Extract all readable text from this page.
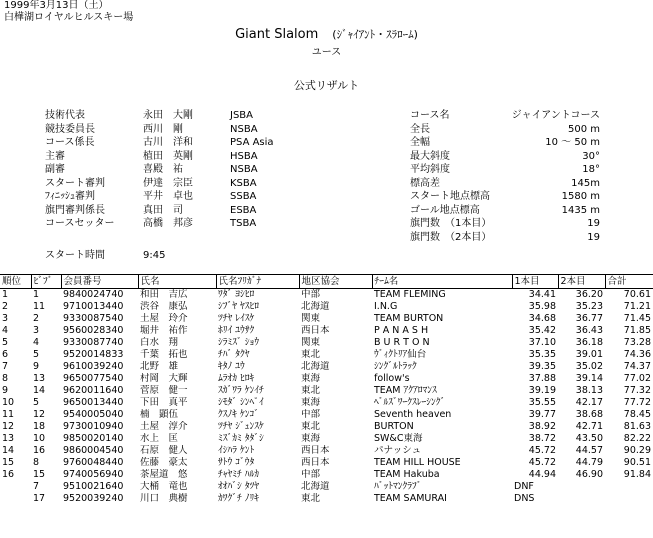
1999年3月13日（土）
白樺湖ロイヤルヒルスキー場
Giant Slalom (ｼﾞｬｲｱﾝﾄ・ｽﾗﾛｰﾑ)
ユース
公式リザルト
技術代表	永田　大剛	JSBA
競技委員長	西川　剛	NSBA
コース係長	古川　洋和	PSA Asia
主審	植田　英剛	HSBA
副審	喜殿　祐	NSBA
スタート審判	伊達　宗臣	KSBA
ﾌｨﾆｯｼｭ審判	平井　卓也	SSBA
旗門審判係長	真田　司	ESBA
コースセッター	高橋　邦彦	TSBA
コース名	ジャイアントコース
全長	500 m
全幅	10 ～ 50 m
最大斜度	30°
平均斜度	18°
標高差	145m
スタート地点標高	1580 m
ゴール地点標高	1435 m
旗門数　（1本目）	19
旗門数　（2本目）	19
スタート時間	9:45
順位	ﾋﾞﾌﾞ	会員番号	氏名	氏名ﾌﾘｶﾞﾅ	地区協会	ﾁｰﾑ名	1本目	2本目	合計
1	1	9840024740	和田　吉広	ﾜﾀﾞ ﾖｼﾋﾛ	中部	TEAM FLEMING	34.41	36.20	70.61
2	11	9710013440	渋谷　康弘	ｼﾌﾞﾔ ﾔｽﾋﾛ	北海道	I.N.G	35.98	35.23	71.21
3	2	9330087540	土屋　玲介	ﾂﾁﾔ ﾚｲｽｹ	関東	TEAM BURTON	34.68	36.77	71.45
4	3	9560028340	堀井　祐作	ﾎﾘｲ ﾕｳｻｸ	西日本	P A N A S H	35.42	36.43	71.85
5	4	9330087740	白水　翔	ｼﾗﾐｽﾞ ｼｮｳ	関東	B U R T O N	37.10	36.18	73.28
6	5	9520014833	千葉　拓也	ﾁﾊﾞ ﾀｸﾔ	東北	ｳﾞｨｸﾄﾘｱ仙台	35.35	39.01	74.36
7	9	9610039240	北野　雄	ｷﾀﾉ ﾕｳ	北海道	ｼﾝｸﾞﾙﾄﾗｯｸ	39.35	35.02	74.37
8	13	9650077540	村岡　大輝	ﾑﾗｵｶ ﾋﾛｷ	東海	follow's	37.88	39.14	77.02
9	14	9620011640	菅原　健一	ｽｶﾞﾜﾗ ｹﾝｲﾁ	東北	TEAM ｱｸｱﾛﾏﾝｽ	39.19	38.13	77.32
10	5	9650013440	下田　真平	ｼﾓﾀﾞ ｼﾝﾍﾟｲ	東海	ﾍﾞﾙｽﾞﾜｰｸｽﾚｰｼﾝｸﾞ	35.55	42.17	77.72
11	12	9540005040	楠　顕伍	ｸｽﾉｷ ｹﾝｺﾞ	中部	Seventh heaven	39.77	38.68	78.45
12	18	9730010940	土屋　淳介	ﾂﾁﾔ ｼﾞｭﾝｽｹ	東北	BURTON	38.92	42.71	81.63
13	10	9850020140	水上　匡	ﾐｽﾞｶﾐ ﾀﾀﾞｼ	東海	SW&C東海	38.72	43.50	82.22
14	16	9860004540	石原　健人	ｲｼﾊﾗ ｹﾝﾄ	西日本	パナッシュ	45.72	44.57	90.29
15	8	9760048440	佐藤　豪太	ｻﾄｳ ｺﾞｳﾀ	西日本	TEAM HILL HOUSE	45.72	44.79	90.51
16	15	9740056940	茶屋道　悠	ﾁｬﾔﾐﾁ ﾊﾙｶ	中部	TEAM Hakuba	44.94	46.90	91.84
	7	9510021640	大桶　竜也	ｵｵﾊﾞｼ ﾀﾂﾔ	北海道	ﾊﾞｯﾄﾏﾝｸﾗﾌﾞ	DNF		
	17	9520039240	川口　典樹	ｶﾜｸﾞﾁ ﾉﾘｷ	東北	TEAM SAMURAI	DNS		
